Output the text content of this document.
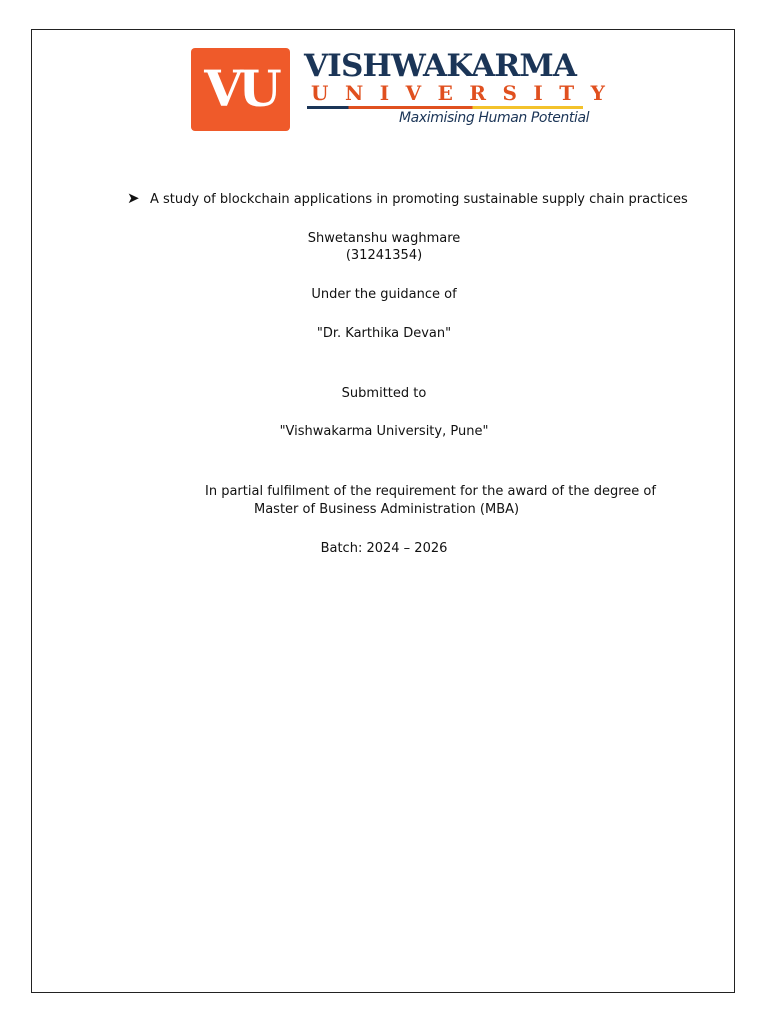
VU VISHWAKARMA
UNIVERSITY
Maximising Human Potential
➤ A study of blockchain applications in promoting sustainable supply chain practices
Shwetanshu waghmare
(31241354)
Under the guidance of
"Dr. Karthika Devan"
Submitted to
"Vishwakarma University, Pune"
In partial fulfilment of the requirement for the award of the degree of
Master of Business Administration (MBA)
Batch: 2024 – 2026
